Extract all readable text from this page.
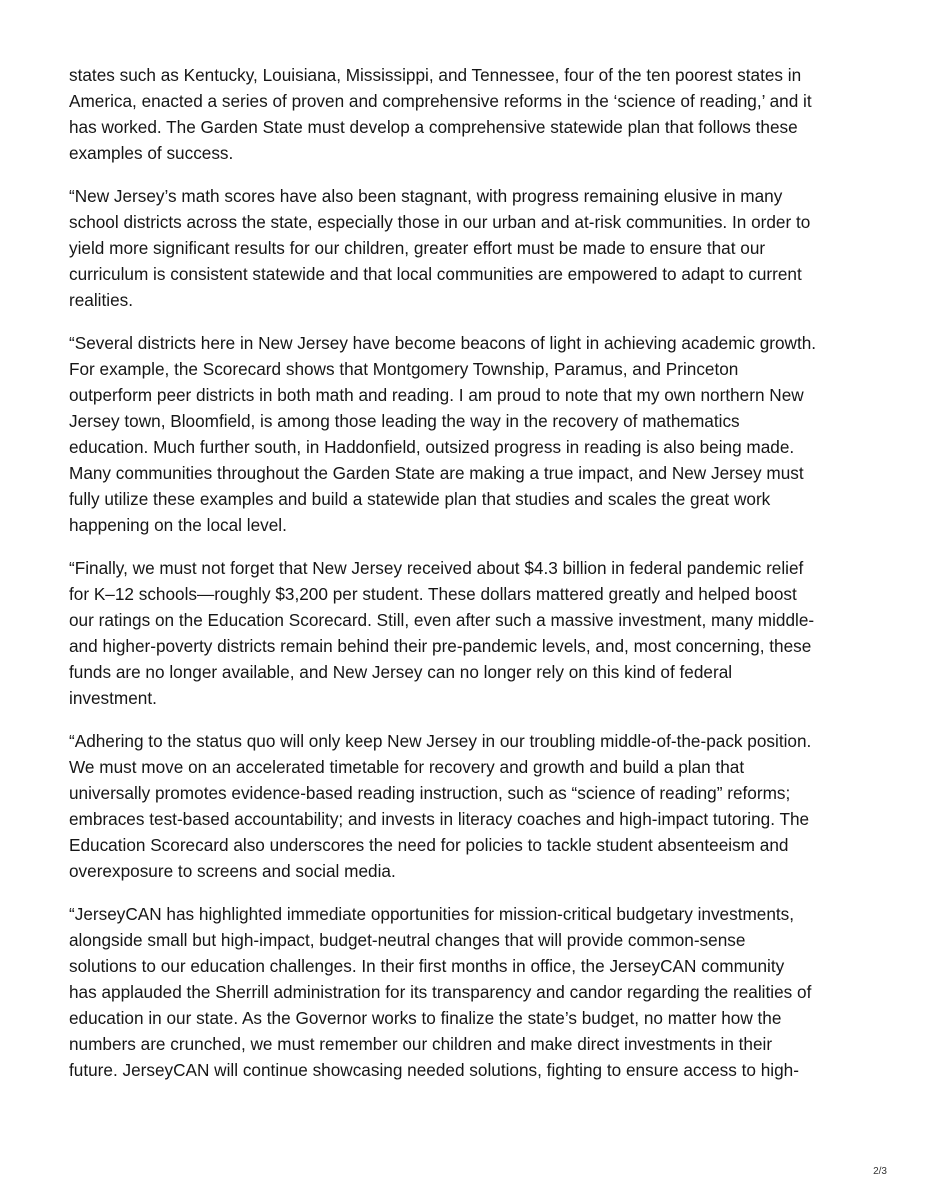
states such as Kentucky, Louisiana, Mississippi, and Tennessee, four of the ten poorest states in
America, enacted a series of proven and comprehensive reforms in the ‘science of reading,’ and it
has worked. The Garden State must develop a comprehensive statewide plan that follows these
examples of success.

“New Jersey’s math scores have also been stagnant, with progress remaining elusive in many
school districts across the state, especially those in our urban and at-risk communities. In order to
yield more significant results for our children, greater effort must be made to ensure that our
curriculum is consistent statewide and that local communities are empowered to adapt to current
realities.

“Several districts here in New Jersey have become beacons of light in achieving academic growth.
For example, the Scorecard shows that Montgomery Township, Paramus, and Princeton
outperform peer districts in both math and reading. I am proud to note that my own northern New
Jersey town, Bloomfield, is among those leading the way in the recovery of mathematics
education. Much further south, in Haddonfield, outsized progress in reading is also being made.
Many communities throughout the Garden State are making a true impact, and New Jersey must
fully utilize these examples and build a statewide plan that studies and scales the great work
happening on the local level.

“Finally, we must not forget that New Jersey received about $4.3 billion in federal pandemic relief
for K–12 schools—roughly $3,200 per student. These dollars mattered greatly and helped boost
our ratings on the Education Scorecard. Still, even after such a massive investment, many middle-
and higher-poverty districts remain behind their pre-pandemic levels, and, most concerning, these
funds are no longer available, and New Jersey can no longer rely on this kind of federal
investment.

“Adhering to the status quo will only keep New Jersey in our troubling middle-of-the-pack position.
We must move on an accelerated timetable for recovery and growth and build a plan that
universally promotes evidence-based reading instruction, such as “science of reading” reforms;
embraces test-based accountability; and invests in literacy coaches and high-impact tutoring. The
Education Scorecard also underscores the need for policies to tackle student absenteeism and
overexposure to screens and social media.

“JerseyCAN has highlighted immediate opportunities for mission-critical budgetary investments,
alongside small but high-impact, budget-neutral changes that will provide common-sense
solutions to our education challenges. In their first months in office, the JerseyCAN community
has applauded the Sherrill administration for its transparency and candor regarding the realities of
education in our state. As the Governor works to finalize the state’s budget, no matter how the
numbers are crunched, we must remember our children and make direct investments in their
future. JerseyCAN will continue showcasing needed solutions, fighting to ensure access to high-

2/3
